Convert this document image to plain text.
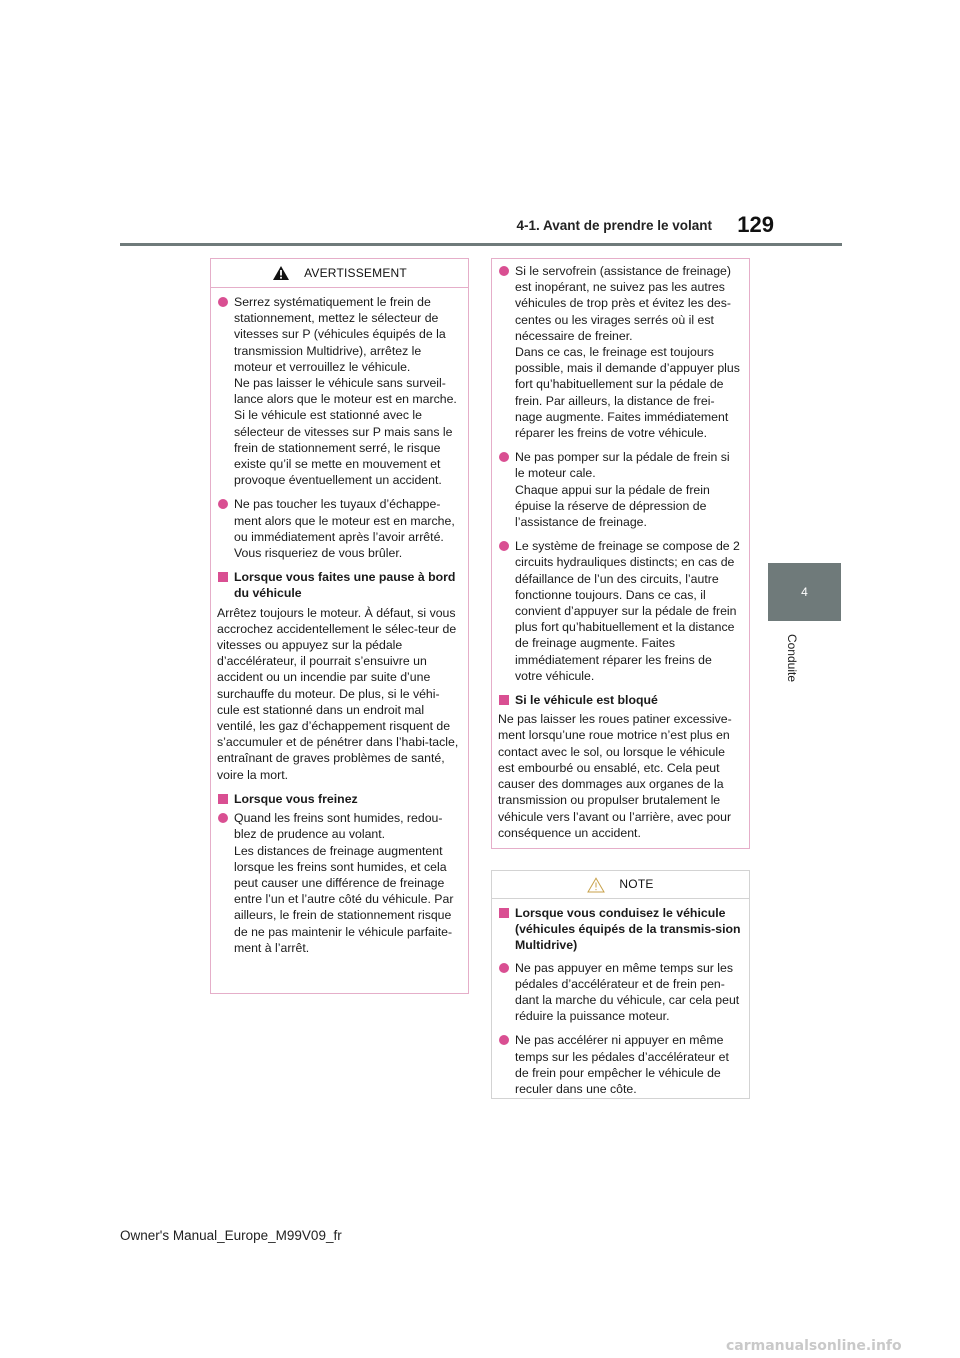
4-1. Avant de prendre le volant	129
4
Conduite
AVERTISSEMENT

Serrez systématiquement le frein de stationnement, mettez le sélecteur de vitesses sur P (véhicules équipés de la transmission Multidrive), arrêtez le moteur et verrouillez le véhicule.
Ne pas laisser le véhicule sans surveil-lance alors que le moteur est en marche.
Si le véhicule est stationné avec le sélecteur de vitesses sur P mais sans le frein de stationnement serré, le risque existe qu’il se mette en mouvement et provoque éventuellement un accident.

Ne pas toucher les tuyaux d’échappe-ment alors que le moteur est en marche, ou immédiatement après l’avoir arrêté.
Vous risqueriez de vous brûler.

Lorsque vous faites une pause à bord du véhicule

Arrêtez toujours le moteur. À défaut, si vous accrochez accidentellement le sélec-teur de vitesses ou appuyez sur la pédale d’accélérateur, il pourrait s’ensuivre un accident ou un incendie par suite d’une surchauffe du moteur. De plus, si le véhi-cule est stationné dans un endroit mal ventilé, les gaz d’échappement risquent de s’accumuler et de pénétrer dans l’habi-tacle, entraînant de graves problèmes de santé, voire la mort.

Lorsque vous freinez

Quand les freins sont humides, redou-blez de prudence au volant.
Les distances de freinage augmentent lorsque les freins sont humides, et cela peut causer une différence de freinage entre l’un et l’autre côté du véhicule. Par ailleurs, le frein de stationnement risque de ne pas maintenir le véhicule parfaite-ment à l’arrêt.

Si le servofrein (assistance de freinage) est inopérant, ne suivez pas les autres véhicules de trop près et évitez les des-centes ou les virages serrés où il est nécessaire de freiner.
Dans ce cas, le freinage est toujours possible, mais il demande d’appuyer plus fort qu’habituellement sur la pédale de frein. Par ailleurs, la distance de frei-nage augmente. Faites immédiatement réparer les freins de votre véhicule.

Ne pas pomper sur la pédale de frein si le moteur cale.
Chaque appui sur la pédale de frein épuise la réserve de dépression de l’assistance de freinage.

Le système de freinage se compose de 2 circuits hydrauliques distincts; en cas de défaillance de l’un des circuits, l’autre fonctionne toujours. Dans ce cas, il convient d’appuyer sur la pédale de frein plus fort qu’habituellement et la distance de freinage augmente. Faites immédiatement réparer les freins de votre véhicule.

Si le véhicule est bloqué

Ne pas laisser les roues patiner excessive-ment lorsqu’une roue motrice n’est plus en contact avec le sol, ou lorsque le véhicule est embourbé ou ensablé, etc. Cela peut causer des dommages aux organes de la transmission ou propulser brutalement le véhicule vers l’avant ou l’arrière, avec pour conséquence un accident.

NOTE
Lorsque vous conduisez le véhicule (véhicules équipés de la transmis-sion Multidrive)

Ne pas appuyer en même temps sur les pédales d’accélérateur et de frein pen-dant la marche du véhicule, car cela peut réduire la puissance moteur.

Ne pas accélérer ni appuyer en même temps sur les pédales d’accélérateur et de frein pour empêcher le véhicule de reculer dans une côte.

Owner's Manual_Europe_M99V09_fr
carmanualsonline.info
